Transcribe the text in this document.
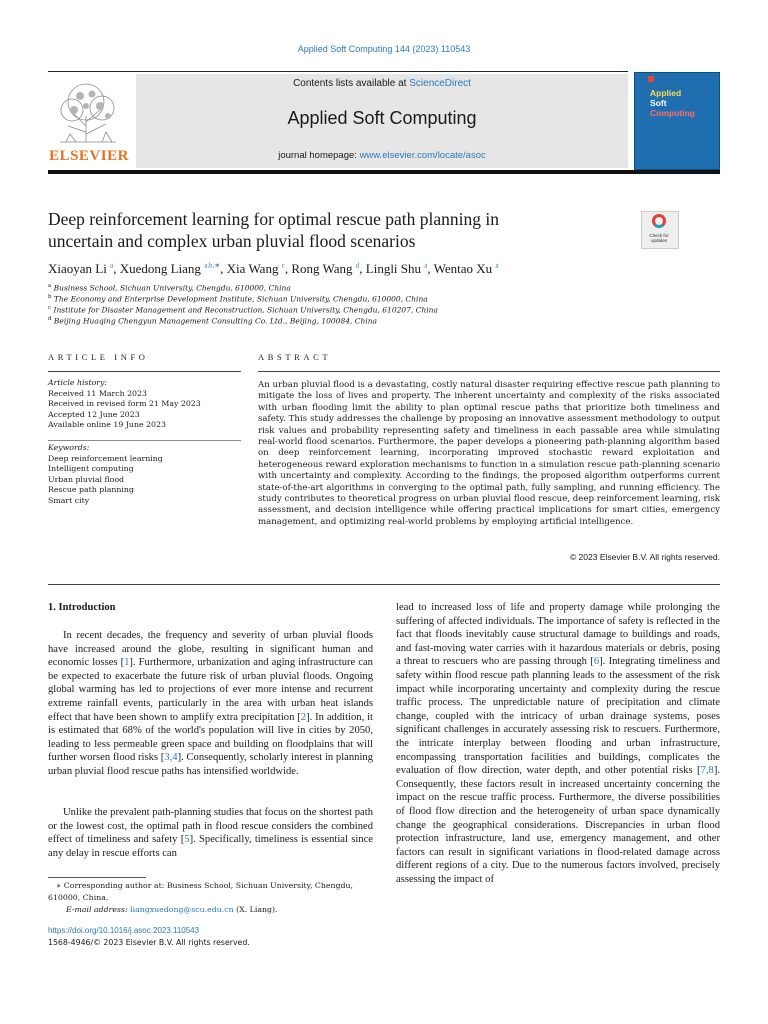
Applied Soft Computing 144 (2023) 110543
ELSEVIER
Contents lists available at ScienceDirect
Applied Soft Computing
journal homepage: www.elsevier.com/locate/asoc
Applied
Soft
Computing
Deep reinforcement learning for optimal rescue path planning in
uncertain and complex urban pluvial flood scenarios	Check for updates
Xiaoyan Li $^a$, Xuedong Liang $^{a,b,∗}$, Xia Wang $^c$, Rong Wang $^d$, Lingli Shu $^a$, Wentao Xu $^a$
$^a$ Business School, Sichuan University, Chengdu, 610000, China
$^b$ The Economy and Enterprise Development Institute, Sichuan University, Chengdu, 610000, China
$^c$ Institute for Disaster Management and Reconstruction, Sichuan University, Chengdu, 610207, China
$^d$ Beijing Huaqing Chengyun Management Consulting Co. Ltd., Beijing, 100084, China
ARTICLE INFO
Article history:
Received 11 March 2023
Received in revised form 21 May 2023
Accepted 12 June 2023
Available online 19 June 2023
Keywords:
Deep reinforcement learning
Intelligent computing
Urban pluvial flood
Rescue path planning
Smart city
ABSTRACT
An urban pluvial flood is a devastating, costly natural disaster requiring effective rescue path planning to mitigate the loss of lives and property. The inherent uncertainty and complexity of the risks associated with urban flooding limit the ability to plan optimal rescue paths that prioritize both timeliness and safety. This study addresses the challenge by proposing an innovative assessment methodology to output risk values and probability representing safety and timeliness in each passable area while simulating real-world flood scenarios. Furthermore, the paper develops a pioneering path-planning algorithm based on deep reinforcement learning, incorporating improved stochastic reward exploitation and heterogeneous reward exploration mechanisms to function in a simulation rescue path-planning scenario with uncertainty and complexity. According to the findings, the proposed algorithm outperforms current state-of-the-art algorithms in converging to the optimal path, fully sampling, and running efficiency. The study contributes to theoretical progress on urban pluvial flood rescue, deep reinforcement learning, risk assessment, and decision intelligence while offering practical implications for smart cities, emergency management, and optimizing real-world problems by employing artificial intelligence.
© 2023 Elsevier B.V. All rights reserved.
1. Introduction

In recent decades, the frequency and severity of urban pluvial floods have increased around the globe, resulting in significant human and economic losses [1]. Furthermore, urbanization and aging infrastructure can be expected to exacerbate the future risk of urban pluvial floods. Ongoing global warming has led to projections of ever more intense and recurrent extreme rainfall events, particularly in the area with urban heat islands effect that have been shown to amplify extra precipitation [2]. In addition, it is estimated that 68% of the world's population will live in cities by 2050, leading to less permeable green space and building on floodplains that will further worsen flood risks [3,4]. Consequently, scholarly interest in planning urban pluvial flood rescue paths has intensified worldwide.

Unlike the prevalent path-planning studies that focus on the shortest path or the lowest cost, the optimal path in flood rescue considers the combined effect of timeliness and safety [5]. Specifically, timeliness is essential since any delay in rescue efforts can

lead to increased loss of life and property damage while prolonging the suffering of affected individuals. The importance of safety is reflected in the fact that floods inevitably cause structural damage to buildings and roads, and fast-moving water carries with it hazardous materials or debris, posing a threat to rescuers who are passing through [6]. Integrating timeliness and safety within flood rescue path planning leads to the assessment of the risk impact while incorporating uncertainty and complexity during the rescue traffic process. The unpredictable nature of precipitation and climate change, coupled with the intricacy of urban drainage systems, poses significant challenges in accurately assessing risk to rescuers. Furthermore, the intricate interplay between flooding and urban infrastructure, encompassing transportation facilities and buildings, complicates the evaluation of flow direction, water depth, and other potential risks [7,8]. Consequently, these factors result in increased uncertainty concerning the impact on the rescue traffic process. Furthermore, the diverse possibilities of flood flow direction and the heterogeneity of urban space dynamically change the geographical considerations. Discrepancies in urban flood protection infrastructure, land use, emergency management, and other factors can result in significant variations in flood-related damage across different regions of a city. Due to the numerous factors involved, precisely assessing the impact of

∗ Corresponding author at: Business School, Sichuan University, Chengdu, 610000, China.
E-mail address: liangxuedong@scu.edu.cn (X. Liang).
https://doi.org/10.1016/j.asoc.2023.110543
1568-4946/© 2023 Elsevier B.V. All rights reserved.
